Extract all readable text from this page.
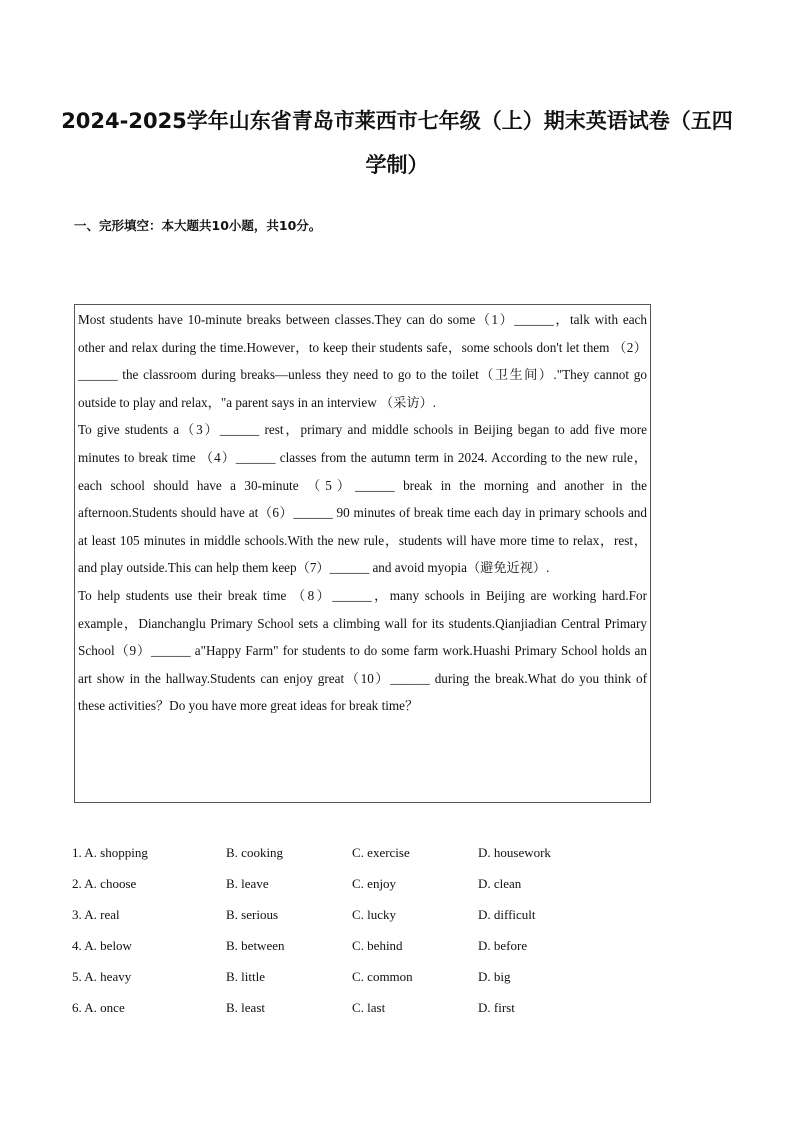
2024-2025学年山东省青岛市莱西市七年级（上）期末英语试卷（五四学制）
一、完形填空：本大题共10小题，共10分。

Most students have 10-minute breaks between classes.They can do some（1）______，talk with each other and relax during the time.However，to keep their students safe，some schools don't let them （2）______ the classroom during breaks—unless they need to go to the toilet（卫生间）."They cannot go outside to play and relax，"a parent says in an interview （采访）.

To give students a（3）______ rest，primary and middle schools in Beijing began to add five more minutes to break time （4）______ classes from the autumn term in 2024. According to the new rule，each school should have a 30-minute （5）______ break in the morning and another in the afternoon.Students should have at（6）______ 90 minutes of break time each day in primary schools and at least 105 minutes in middle schools.With the new rule，students will have more time to relax，rest，and play outside.This can help them keep（7）______ and avoid myopia（避免近视）.

To help students use their break time （8）______，many schools in Beijing are working hard.For example，Dianchanglu Primary School sets a climbing wall for its students.Qianjiadian Central Primary School（9）______ a"Happy Farm" for students to do some farm work.Huashi Primary School holds an art show in the hallway.Students can enjoy great（10）______ during the break.What do you think of these activities？Do you have more great ideas for break time？

1. A. shopping	B. cooking	C. exercise	D. housework
2. A. choose	B. leave	C. enjoy	D. clean
3. A. real	B. serious	C. lucky	D. difficult
4. A. below	B. between	C. behind	D. before
5. A. heavy	B. little	C. common	D. big
6. A. once	B. least	C. last	D. first
